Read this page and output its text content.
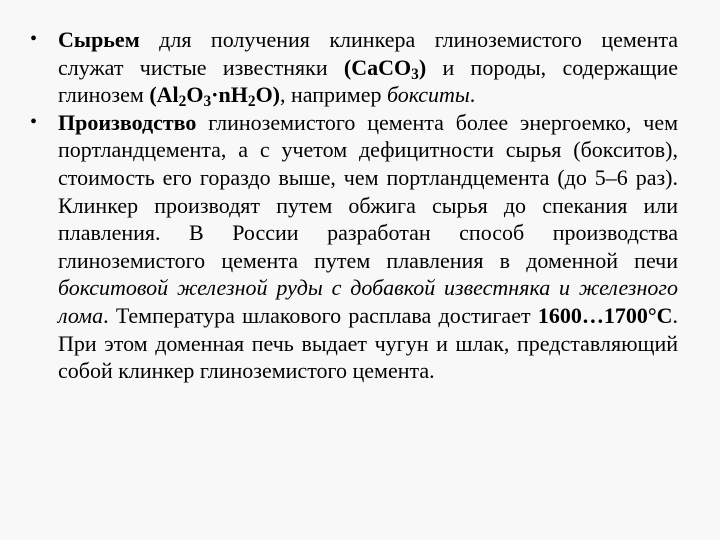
• Сырьем для получения клинкера глиноземистого цемента служат чистые известняки (CaCO$_3$) и породы, содержащие глинозем $(Al_2O_3\cdot nH_2O)$, например бокситы.

• Производство глиноземистого цемента более энергоемко, чем портландцемента, а с учетом дефицитности сырья (бокситов), стоимость его гораздо выше, чем портландцемента (до 5–6 раз). Клинкер производят путем обжига сырья до спекания или плавления. В России разработан способ производства глиноземистого цемента путем плавления в доменной печи бокситовой железной руды с добавкой известняка и железного лома. Температура шлакового расплава достигает 1600…1700°С. При этом доменная печь выдает чугун и шлак, представляющий собой клинкер глиноземистого цемента.
